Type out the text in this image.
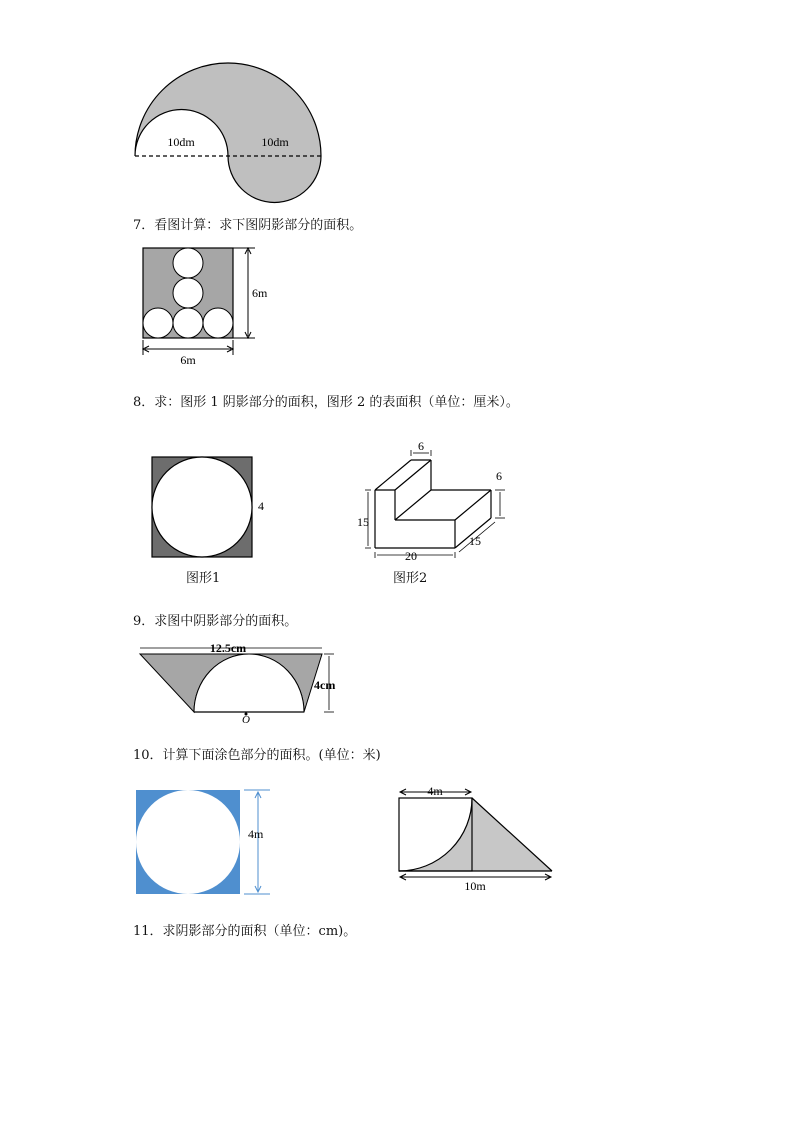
10dm	10dm
7．看图计算：求下图阴影部分的面积。
6m
6m
8．求：图形 1 阴影部分的面积，图形 2 的表面积（单位：厘米）。
4
图形1
6
6
15
20
15
图形2
9．求图中阴影部分的面积。
12.5cm
4cm
O
10．计算下面涂色部分的面积。(单位：米)
4m
4m
10m
11．求阴影部分的面积（单位：cm)。
